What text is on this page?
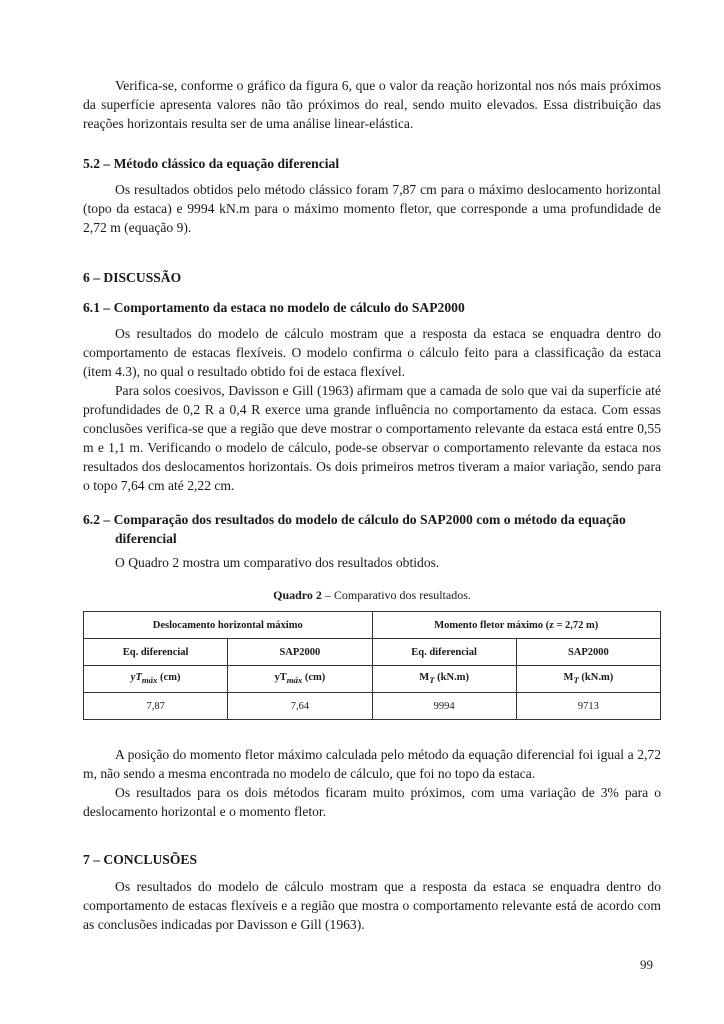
Verifica-se, conforme o gráfico da figura 6, que o valor da reação horizontal nos nós mais próximos da superfície apresenta valores não tão próximos do real, sendo muito elevados. Essa distribuição das reações horizontais resulta ser de uma análise linear-elástica.

5.2 – Método clássico da equação diferencial

Os resultados obtidos pelo método clássico foram 7,87 cm para o máximo deslocamento horizontal (topo da estaca) e 9994 kN.m para o máximo momento fletor, que corresponde a uma profundidade de 2,72 m (equação 9).

6 – DISCUSSÃO
6.1 – Comportamento da estaca no modelo de cálculo do SAP2000

Os resultados do modelo de cálculo mostram que a resposta da estaca se enquadra dentro do comportamento de estacas flexíveis. O modelo confirma o cálculo feito para a classificação da estaca (item 4.3), no qual o resultado obtido foi de estaca flexível.

Para solos coesivos, Davisson e Gill (1963) afirmam que a camada de solo que vai da superfície até profundidades de 0,2 R a 0,4 R exerce uma grande influência no comportamento da estaca. Com essas conclusões verifica-se que a região que deve mostrar o comportamento relevante da estaca está entre 0,55 m e 1,1 m. Verificando o modelo de cálculo, pode-se observar o comportamento relevante da estaca nos resultados dos deslocamentos horizontais. Os dois primeiros metros tiveram a maior variação, sendo para o topo 7,64 cm até 2,22 cm.

6.2 – Comparação dos resultados do modelo de cálculo do SAP2000 com o método da equação diferencial

O Quadro 2 mostra um comparativo dos resultados obtidos.

Quadro 2 – Comparativo dos resultados.
Deslocamento horizontal máximo		Momento fletor máximo (z = 2,72 m)	
Eq. diferencial	SAP2000	Eq. diferencial	SAP2000
$yT_{máx}$ (cm)	$yT_{máx}$ (cm)	$M_T$ (kN.m)	$M_T$ (kN.m)
7,87	7,64	9994	9713

A posição do momento fletor máximo calculada pelo método da equação diferencial foi igual a 2,72 m, não sendo a mesma encontrada no modelo de cálculo, que foi no topo da estaca.

Os resultados para os dois métodos ficaram muito próximos, com uma variação de 3% para o deslocamento horizontal e o momento fletor.

7 – CONCLUSÕES

Os resultados do modelo de cálculo mostram que a resposta da estaca se enquadra dentro do comportamento de estacas flexíveis e a região que mostra o comportamento relevante está de acordo com as conclusões indicadas por Davisson e Gill (1963).

99
